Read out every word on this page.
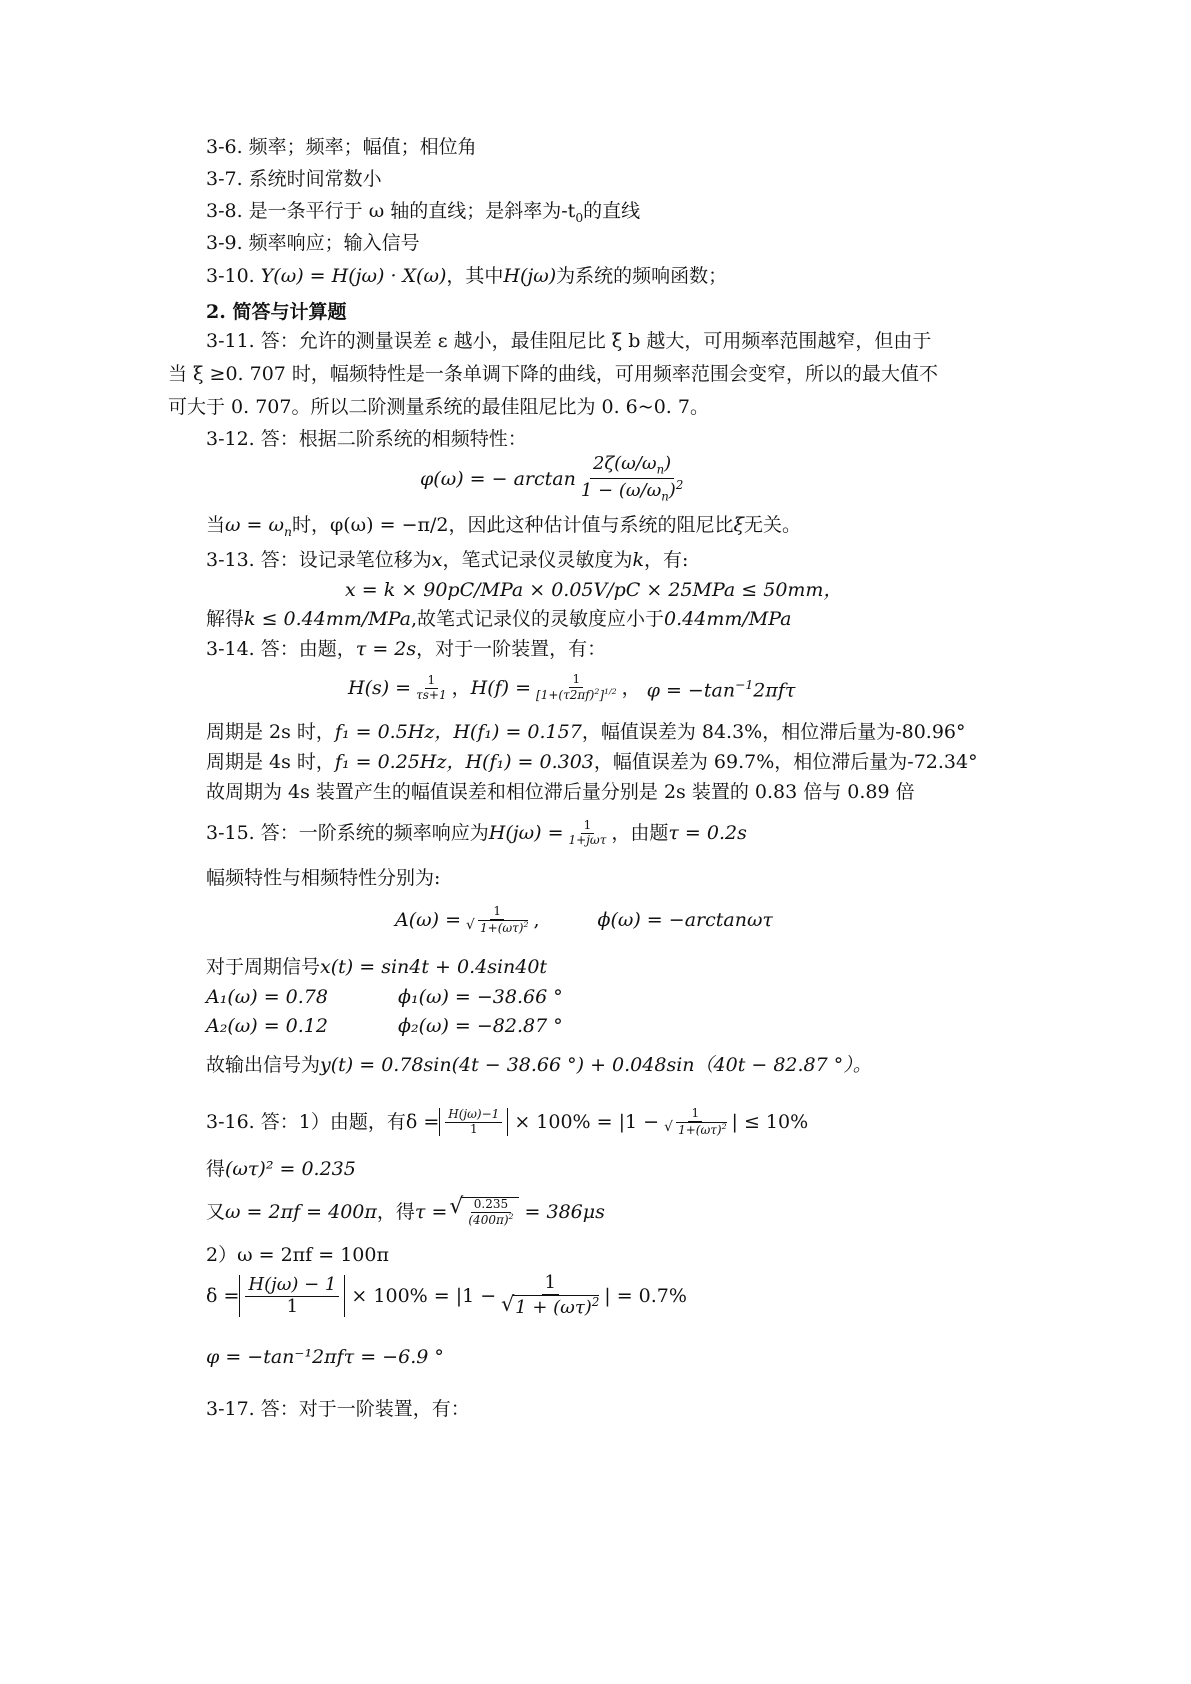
3-6. 频率；频率；幅值；相位角
3-7. 系统时间常数小
3-8. 是一条平行于 ω 轴的直线；是斜率为$-t_0$的直线
3-9. 频率响应；输入信号
3-10. Y(ω) = H(jω) · X(ω)，其中H(jω)为系统的频响函数；
2. 简答与计算题
3-11. 答：允许的测量误差 ε 越小，最佳阻尼比 ξ b 越大，可用频率范围越窄，但由于
当 ξ ≥0. 707 时，幅频特性是一条单调下降的曲线，可用频率范围会变窄，所以的最大值不
可大于 0. 707。所以二阶测量系统的最佳阻尼比为 0. 6~0. 7。
3-12. 答：根据二阶系统的相频特性：
φ(ω) = − $\arctan \frac{2\zeta(\omega/\omega_n)}{1 - (\omega/\omega_n)^2}$
当$\omega = \omega_n$时，φ(ω) = −π/2，因此这种估计值与系统的阻尼比ξ无关。
3-13. 答：设记录笔位移为x，笔式记录仪灵敏度为k，有:
x = k × 90pC/MPa × 0.05V/pC × 25MPa ≤ 50mm，
解得k ≤ 0.44mm/MPa,故笔式记录仪的灵敏度应小于0.44mm/MPa
3-14. 答：由题，τ = 2s，对于一阶装置，有：
$H(s) = \frac{1}{\tau s+1}$ ， $H(f) = \frac{1}{[1+(\tau 2\pi f)^2]^{1/2}}$ ， $\varphi = -\tan^{-1}2\pi f\tau$
周期是 2s 时，f₁ = 0.5Hz，H(f₁) = 0.157，幅值误差为 84.3%，相位滞后量为-80.96°
周期是 4s 时，f₁ = 0.25Hz，H(f₁) = 0.303，幅值误差为 69.7%，相位滞后量为-72.34°
故周期为 4s 装置产生的幅值误差和相位滞后量分别是 2s 装置的 0.83 倍与 0.89 倍
3-15. 答：一阶系统的频率响应为 $H(j\omega) = \frac{1}{\text{1+jωτ}}$ ，由题 τ = 0.2s
幅频特性与相频特性分别为:
A(ω) = 1
√ $1+(\omega\tau)^2$ ,	ϕ(ω) = −arctanωτ
对于周期信号x(t) = sin4t + 0.4sin40t
A₁(ω) = 0.78	ϕ₁(ω) = −38.66 °
A₂(ω) = 0.12	ϕ₂(ω) = −82.87 °
故输出信号为y(t) = 0.78sin(4t − 38.66 °) + 0.048sin（40t − 82.87 °）。
3-16. 答：1）由题，有 $\delta = \frac{H(j\omega)-1}{1} \times 100\% = |1 - 1$
√ $1+(\omega\tau)^2$ | ≤ 10%
得(ωτ)² = 0.235
又 ω = 2πf = 400π ，得 τ =
√ $\frac{0.235}{(400\pi)^2} = 386\mu s$
2）ω = 2πf = 100π
$\delta = \frac{H(j\omega) - 1}{1} \times 100\% = |1 - 1$
√ $1 + (\omega\tau)^2$ | = 0.7%
φ = −tan⁻¹2πfτ = −6.9 °
3-17. 答：对于一阶装置，有：
